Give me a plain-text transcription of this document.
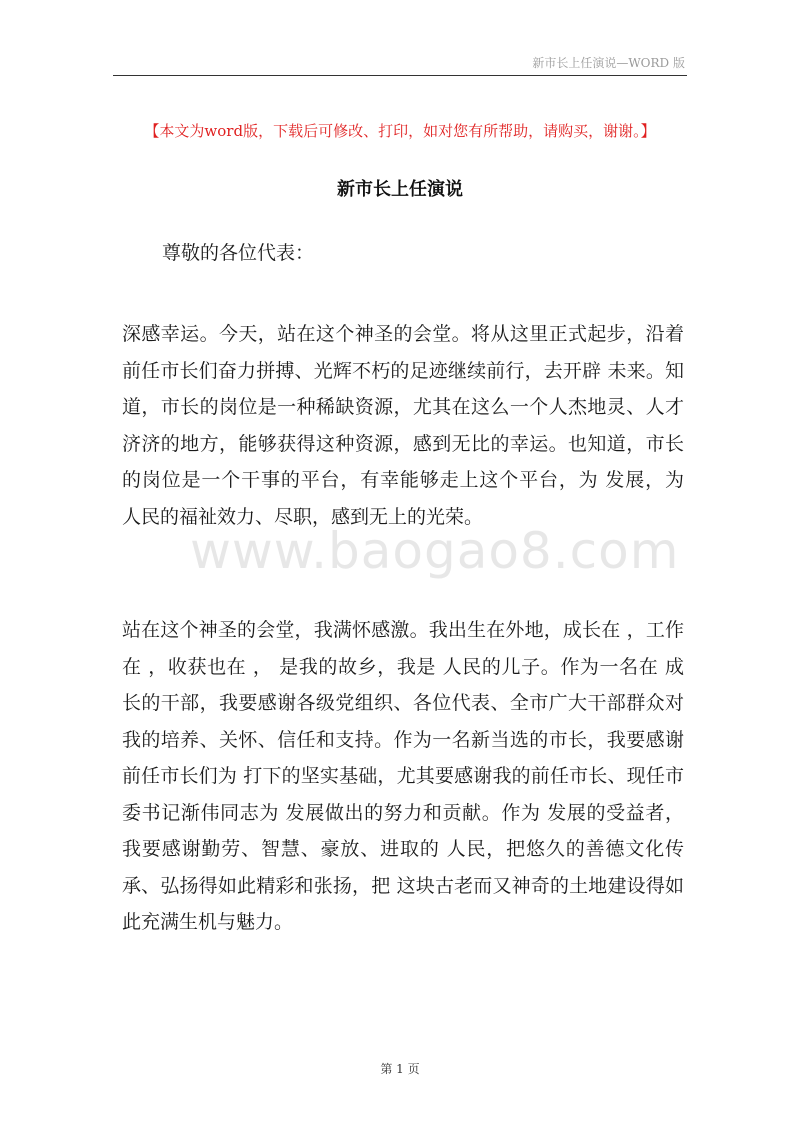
新市长上任演说—WORD 版
【本文为word版，下载后可修改、打印，如对您有所帮助，请购买，谢谢。】
新市长上任演说
尊敬的各位代表：

深感幸运。今天，站在这个神圣的会堂。将从这里正式起步，沿着前任市长们奋力拼搏、光辉不朽的足迹继续前行，去开辟 未来。知道，市长的岗位是一种稀缺资源，尤其在这么一个人杰地灵、人才济济的地方，能够获得这种资源，感到无比的幸运。也知道，市长的岗位是一个干事的平台，有幸能够走上这个平台，为 发展，为 人民的福祉效力、尽职，感到无上的光荣。

www.baogao8.com

站在这个神圣的会堂，我满怀感激。我出生在外地，成长在 ，工作在 ，收获也在 ， 是我的故乡，我是 人民的儿子。作为一名在 成长的干部，我要感谢各级党组织、各位代表、全市广大干部群众对我的培养、关怀、信任和支持。作为一名新当选的市长，我要感谢前任市长们为 打下的坚实基础，尤其要感谢我的前任市长、现任市委书记渐伟同志为 发展做出的努力和贡献。作为 发展的受益者，我要感谢勤劳、智慧、豪放、进取的 人民，把悠久的善德文化传承、弘扬得如此精彩和张扬，把 这块古老而又神奇的土地建设得如此充满生机与魅力。

第 1 页
